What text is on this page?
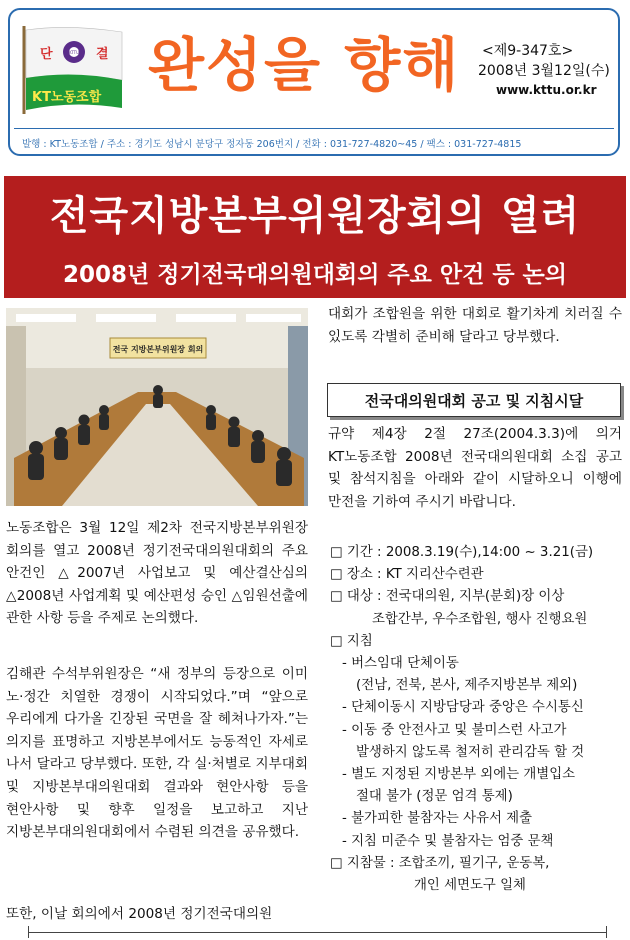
단	결
KTTU
KT노동조합 완성을 향해 <제9-347호>
2008년 3월12일(수)
www.kttu.or.kr
발행 : KT노동조합 / 주소 : 경기도 성남시 분당구 정자동 206번지 / 전화 : 031-727-4820~45 / 팩스 : 031-727-4815
전국지방본부위원장회의 열려
2008년 정기전국대의원대회의 주요 안건 등 논의
전국 지방본부위원장 회의
노동조합은 3월 12일 제2차 전국지방본부위원장 회의를 열고 2008년 정기전국대의원대회의 주요 안건인 △2007년 사업보고 및 예산결산심의 △2008년 사업계획 및 예산편성 승인 △임원선출에 관한 사항 등을 주제로 논의했다.
김해관 수석부위원장은 “새 정부의 등장으로 이미 노·정간 치열한 경쟁이 시작되었다.”며 “앞으로 우리에게 다가올 긴장된 국면을 잘 헤쳐나가자.”는 의지를 표명하고 지방본부에서도 능동적인 자세로 나서 달라고 당부했다. 또한, 각 실·처별로 지부대회 및 지방본부대의원대회 결과와 현안사항 등을 현안사항 및 향후 일정을 보고하고 지난 지방본부대의원대회에서 수렴된 의견을 공유했다.
또한, 이날 회의에서 2008년 정기전국대의원
대회가 조합원을 위한 대회로 활기차게 치러질 수 있도록 각별히 준비해 달라고 당부했다.
전국대의원대회 공고 및 지침시달
규약 제4장 2절 27조(2004.3.3)에 의거 KT노동조합 2008년 전국대의원대회 소집 공고 및 참석지침을 아래와 같이 시달하오니 이행에 만전을 기하여 주시기 바랍니다.
□ 기간 : 2008.3.19(수),14:00 ~ 3.21(금)
□ 장소 : KT 지리산수련관
□ 대상 : 전국대의원, 지부(분회)장 이상
조합간부, 우수조합원, 행사 진행요원
□ 지침
- 버스임대 단체이동
(전남, 전북, 본사, 제주지방본부 제외)
- 단체이동시 지방담당과 중앙은 수시통신
- 이동 중 안전사고 및 불미스런 사고가
발생하지 않도록 철저히 관리감독 할 것
- 별도 지정된 지방본부 외에는 개별입소
절대 불가 (정문 엄격 통제)
- 불가피한 불참자는 사유서 제출
- 지침 미준수 및 불참자는 엄중 문책
□ 지참물 : 조합조끼, 필기구, 운동복,
개인 세면도구 일체
